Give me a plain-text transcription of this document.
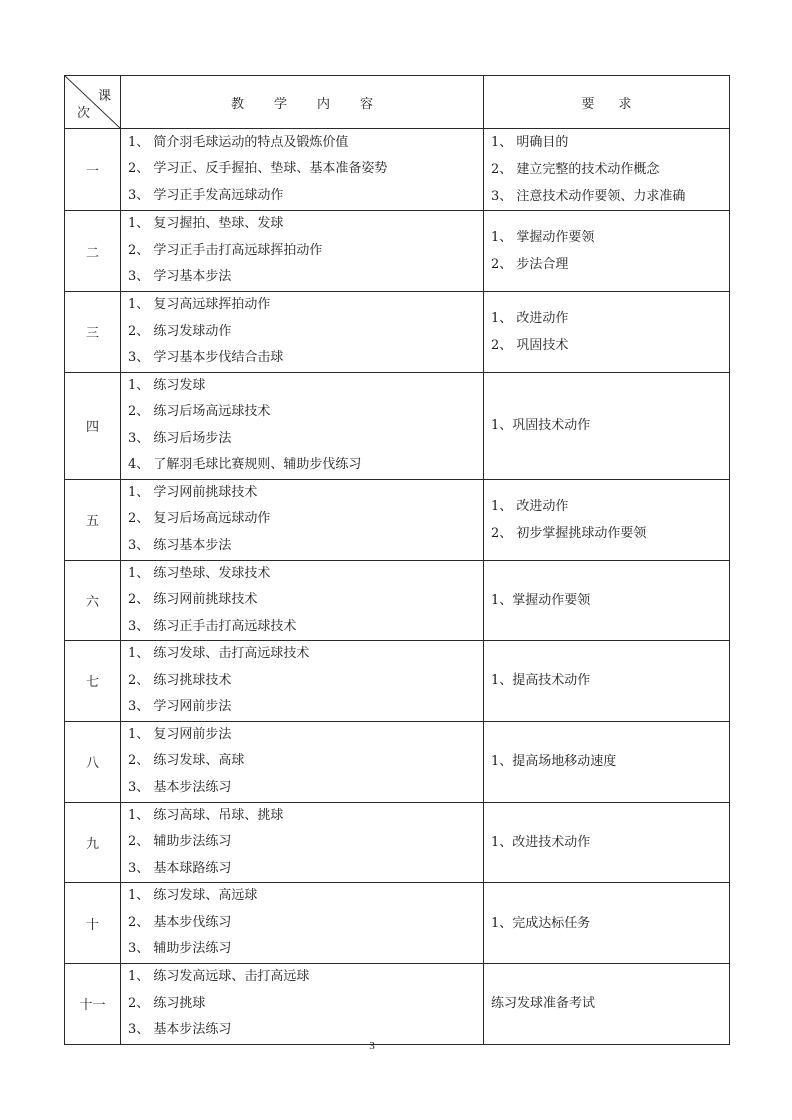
课
次	教 学 内 容	要 求
一	1、 简介羽毛球运动的特点及锻炼价值
2、 学习正、反手握拍、垫球、基本准备姿势
3、 学习正手发高远球动作	1、 明确目的
2、 建立完整的技术动作概念
3、 注意技术动作要领、力求准确

二	1、 复习握拍、垫球、发球
2、 学习正手击打高远球挥拍动作
3、 学习基本步法	1、 掌握动作要领
2、 步法合理

三	1、 复习高远球挥拍动作
2、 练习发球动作
3、 学习基本步伐结合击球	1、 改进动作
2、 巩固技术

四	1、 练习发球
2、 练习后场高远球技术
3、 练习后场步法
4、 了解羽毛球比赛规则、辅助步伐练习	1、巩固技术动作

五	1、 学习网前挑球技术
2、 复习后场高远球动作
3、 练习基本步法	1、 改进动作
2、 初步掌握挑球动作要领

六	1、 练习垫球、发球技术
2、 练习网前挑球技术
3、 练习正手击打高远球技术	1、掌握动作要领

七	1、 练习发球、击打高远球技术
2、 练习挑球技术
3、 学习网前步法	1、提高技术动作

八	1、 复习网前步法
2、 练习发球、高球
3、 基本步法练习	1、提高场地移动速度

九	1、 练习高球、吊球、挑球
2、 辅助步法练习
3、 基本球路练习	1、改进技术动作

十	1、 练习发球、高远球
2、 基本步伐练习
3、 辅助步法练习	1、完成达标任务

十一	1、 练习发高远球、击打高远球
2、 练习挑球
3、 基本步法练习	练习发球准备考试
3
